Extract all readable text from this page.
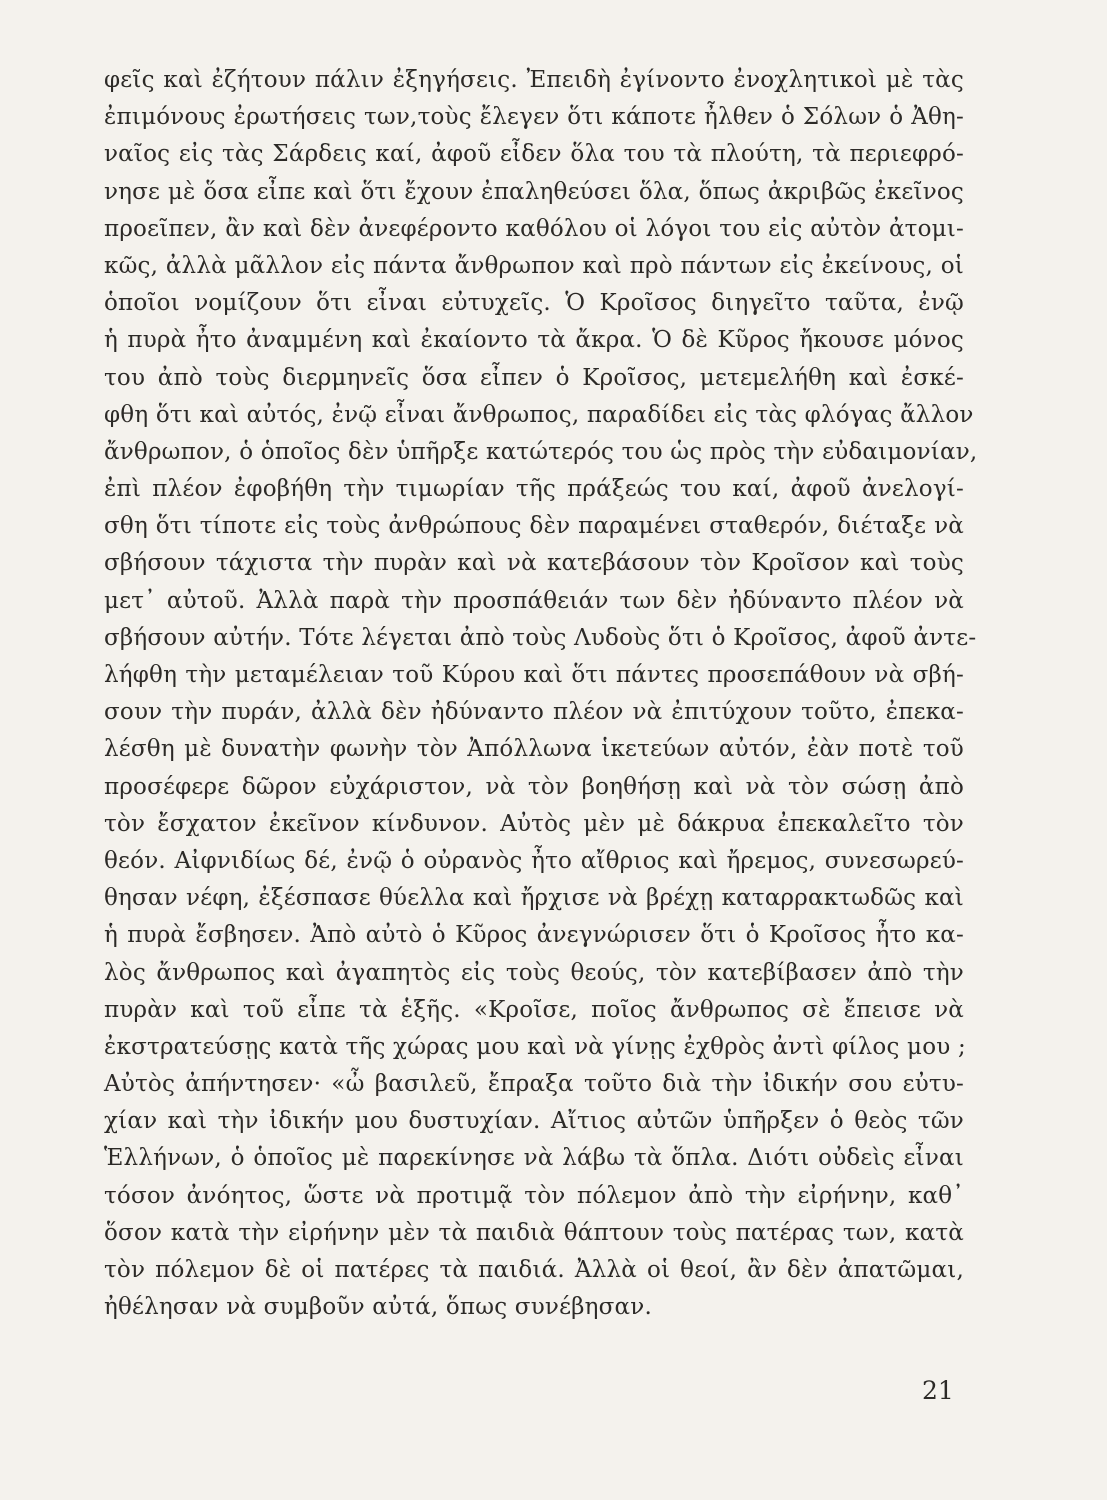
φεῖς καὶ ἐζήτουν πάλιν ἐξηγήσεις. Ἐπειδὴ ἐγίνοντο ἐνοχλητικοὶ μὲ τὰς
ἐπιμόνους ἐρωτήσεις των,τοὺς ἔλεγεν ὅτι κάποτε ἦλθεν ὁ Σόλων ὁ Ἀθη-
ναῖος εἰς τὰς Σάρδεις καί, ἀφοῦ εἶδεν ὅλα του τὰ πλούτη, τὰ περιεφρό-
νησε μὲ ὅσα εἶπε καὶ ὅτι ἔχουν ἐπαληθεύσει ὅλα, ὅπως ἀκριβῶς ἐκεῖνος
προεῖπεν, ἂν καὶ δὲν ἀνεφέροντο καθόλου οἱ λόγοι του εἰς αὐτὸν ἀτομι-
κῶς, ἀλλὰ μᾶλλον εἰς πάντα ἄνθρωπον καὶ πρὸ πάντων εἰς ἐκείνους, οἱ
ὁποῖοι νομίζουν ὅτι εἶναι εὐτυχεῖς. Ὁ Κροῖσος διηγεῖτο ταῦτα, ἐνῷ
ἡ πυρὰ ἦτο ἀναμμένη καὶ ἐκαίοντο τὰ ἄκρα. Ὁ δὲ Κῦρος ἤκουσε μόνος
του ἀπὸ τοὺς διερμηνεῖς ὅσα εἶπεν ὁ Κροῖσος, μετεμελήθη καὶ ἐσκέ-
φθη ὅτι καὶ αὐτός, ἐνῷ εἶναι ἄνθρωπος, παραδίδει εἰς τὰς φλόγας ἄλλον
ἄνθρωπον, ὁ ὁποῖος δὲν ὑπῆρξε κατώτερός του ὡς πρὸς τὴν εὐδαιμονίαν,
ἐπὶ πλέον ἐφοβήθη τὴν τιμωρίαν τῆς πράξεώς του καί, ἀφοῦ ἀνελογί-
σθη ὅτι τίποτε εἰς τοὺς ἀνθρώπους δὲν παραμένει σταθερόν, διέταξε νὰ
σβήσουν τάχιστα τὴν πυρὰν καὶ νὰ κατεβάσουν τὸν Κροῖσον καὶ τοὺς
μετ᾽ αὐτοῦ. Ἀλλὰ παρὰ τὴν προσπάθειάν των δὲν ἠδύναντο πλέον νὰ
σβήσουν αὐτήν. Τότε λέγεται ἀπὸ τοὺς Λυδοὺς ὅτι ὁ Κροῖσος, ἀφοῦ ἀντε-
λήφθη τὴν μεταμέλειαν τοῦ Κύρου καὶ ὅτι πάντες προσεπάθουν νὰ σβή-
σουν τὴν πυράν, ἀλλὰ δὲν ἠδύναντο πλέον νὰ ἐπιτύχουν τοῦτο, ἐπεκα-
λέσθη μὲ δυνατὴν φωνὴν τὸν Ἀπόλλωνα ἱκετεύων αὐτόν, ἐὰν ποτὲ τοῦ
προσέφερε δῶρον εὐχάριστον, νὰ τὸν βοηθήσῃ καὶ νὰ τὸν σώσῃ ἀπὸ
τὸν ἔσχατον ἐκεῖνον κίνδυνον. Αὐτὸς μὲν μὲ δάκρυα ἐπεκαλεῖτο τὸν
θεόν. Αἰφνιδίως δέ, ἐνῷ ὁ οὐρανὸς ἦτο αἴθριος καὶ ἤρεμος, συνεσωρεύ-
θησαν νέφη, ἐξέσπασε θύελλα καὶ ἤρχισε νὰ βρέχῃ καταρρακτωδῶς καὶ
ἡ πυρὰ ἔσβησεν. Ἀπὸ αὐτὸ ὁ Κῦρος ἀνεγνώρισεν ὅτι ὁ Κροῖσος ἦτο κα-
λὸς ἄνθρωπος καὶ ἀγαπητὸς εἰς τοὺς θεούς, τὸν κατεβίβασεν ἀπὸ τὴν
πυρὰν καὶ τοῦ εἶπε τὰ ἑξῆς. «Κροῖσε, ποῖος ἄνθρωπος σὲ ἔπεισε νὰ
ἐκστρατεύσῃς κατὰ τῆς χώρας μου καὶ νὰ γίνῃς ἐχθρὸς ἀντὶ φίλος μου ;
Αὐτὸς ἀπήντησεν· «ὦ βασιλεῦ, ἔπραξα τοῦτο διὰ τὴν ἰδικήν σου εὐτυ-
χίαν καὶ τὴν ἰδικήν μου δυστυχίαν. Αἴτιος αὐτῶν ὑπῆρξεν ὁ θεὸς τῶν
Ἑλλήνων, ὁ ὁποῖος μὲ παρεκίνησε νὰ λάβω τὰ ὅπλα. Διότι οὐδεὶς εἶναι
τόσον ἀνόητος, ὥστε νὰ προτιμᾷ τὸν πόλεμον ἀπὸ τὴν εἰρήνην, καθ᾽
ὅσον κατὰ τὴν εἰρήνην μὲν τὰ παιδιὰ θάπτουν τοὺς πατέρας των, κατὰ
τὸν πόλεμον δὲ οἱ πατέρες τὰ παιδιά. Ἀλλὰ οἱ θεοί, ἂν δὲν ἀπατῶμαι,
ἠθέλησαν νὰ συμβοῦν αὐτά, ὅπως συνέβησαν.
21
